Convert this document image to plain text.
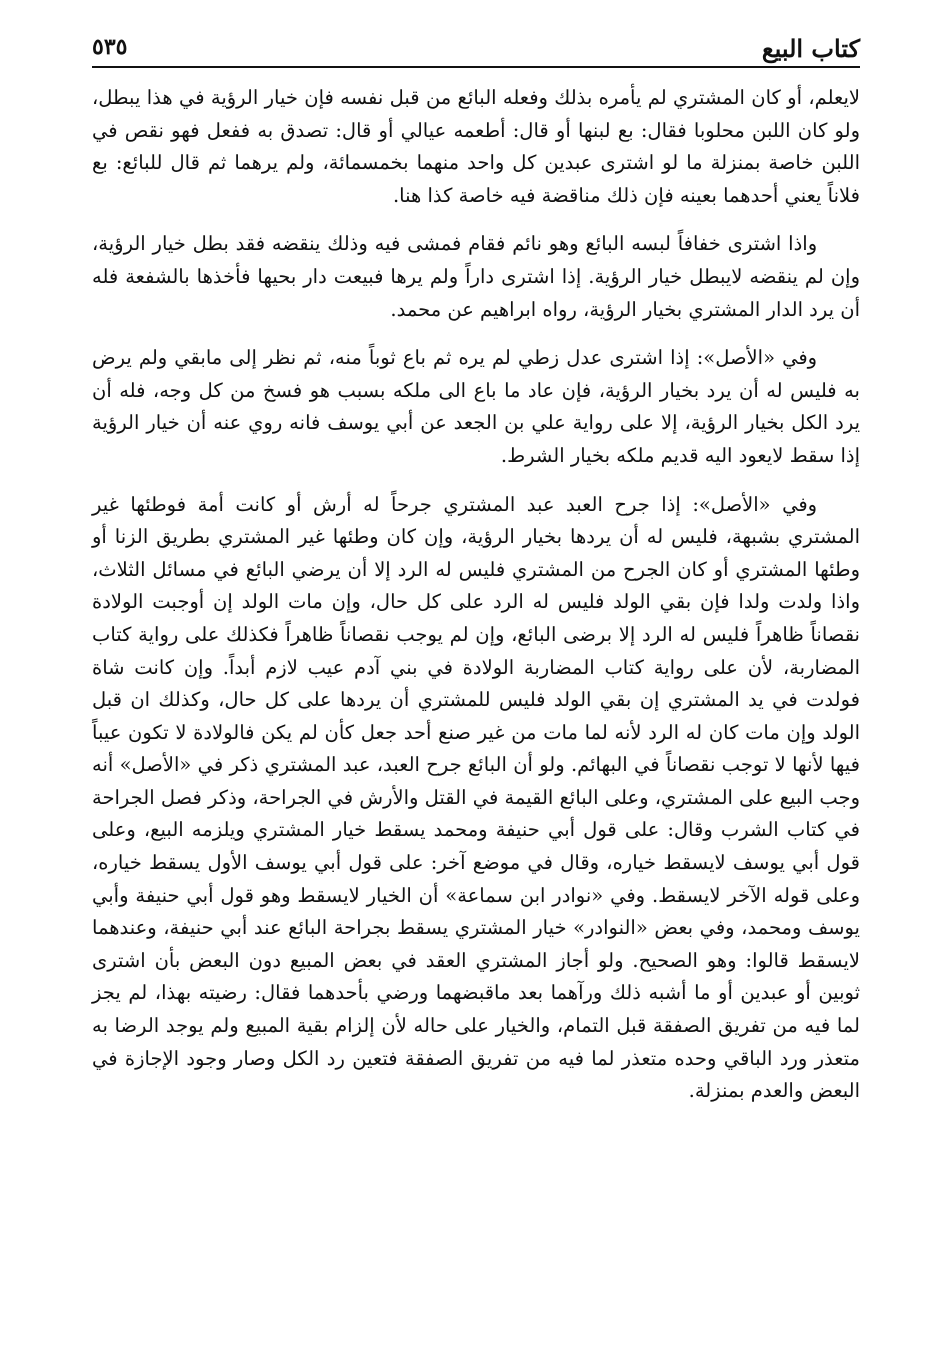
كتاب البيع
٥٣٥

لايعلم، أو كان المشتري لم يأمره بذلك وفعله البائع من قبل نفسه فإن خيار الرؤية في هذا يبطل، ولو كان اللبن محلوبا فقال: بع لبنها أو قال: أطعمه عيالي أو قال: تصدق به ففعل فهو نقص في اللبن خاصة بمنزلة ما لو اشترى عبدين كل واحد منهما بخمسمائة، ولم يرهما ثم قال للبائع: بع فلاناً يعني أحدهما بعينه فإن ذلك مناقضة فيه خاصة كذا هنا.

واذا اشترى خفافاً لبسه البائع وهو نائم فقام فمشى فيه وذلك ينقضه فقد بطل خيار الرؤية، وإن لم ينقضه لايبطل خيار الرؤية. إذا اشترى داراً ولم يرها فبيعت دار بحيها فأخذها بالشفعة فله أن يرد الدار المشتري بخيار الرؤية، رواه ابراهيم عن محمد.

وفي «الأصل»: إذا اشترى عدل زطي لم يره ثم باع ثوباً منه، ثم نظر إلى مابقي ولم يرض به فليس له أن يرد بخيار الرؤية، فإن عاد ما باع الى ملكه بسبب هو فسخ من كل وجه، فله أن يرد الكل بخيار الرؤية، إلا على رواية علي بن الجعد عن أبي يوسف فانه روي عنه أن خيار الرؤية إذا سقط لايعود اليه قديم ملكه بخيار الشرط.

وفي «الأصل»: إذا جرح العبد عبد المشتري جرحاً له أرش أو كانت أمة فوطئها غير المشتري بشبهة، فليس له أن يردها بخيار الرؤية، وإن كان وطئها غير المشتري بطريق الزنا أو وطئها المشتري أو كان الجرح من المشتري فليس له الرد إلا أن يرضي البائع في مسائل الثلاث، واذا ولدت ولدا فإن بقي الولد فليس له الرد على كل حال، وإن مات الولد إن أوجبت الولادة نقصاناً ظاهراً فليس له الرد إلا برضى البائع، وإن لم يوجب نقصاناً ظاهراً فكذلك على رواية كتاب المضاربة، لأن على رواية كتاب المضاربة الولادة في بني آدم عيب لازم أبداً. وإن كانت شاة فولدت في يد المشتري إن بقي الولد فليس للمشتري أن يردها على كل حال، وكذلك ان قبل الولد وإن مات كان له الرد لأنه لما مات من غير صنع أحد جعل كأن لم يكن فالولادة لا تكون عيباً فيها لأنها لا توجب نقصاناً في البهائم. ولو أن البائع جرح العبد، عبد المشتري ذكر في «الأصل» أنه وجب البيع على المشتري، وعلى البائع القيمة في القتل والأرش في الجراحة، وذكر فصل الجراحة في كتاب الشرب وقال: على قول أبي حنيفة ومحمد يسقط خيار المشتري ويلزمه البيع، وعلى قول أبي يوسف لايسقط خياره، وقال في موضع آخر: على قول أبي يوسف الأول يسقط خياره، وعلى قوله الآخر لايسقط. وفي «نوادر ابن سماعة» أن الخيار لايسقط وهو قول أبي حنيفة وأبي يوسف ومحمد، وفي بعض «النوادر» خيار المشتري يسقط بجراحة البائع عند أبي حنيفة، وعندهما لايسقط قالوا: وهو الصحيح. ولو أجاز المشتري العقد في بعض المبيع دون البعض بأن اشترى ثوبين أو عبدين أو ما أشبه ذلك ورآهما بعد ماقبضهما ورضي بأحدهما فقال: رضيته بهذا، لم يجز لما فيه من تفريق الصفقة قبل التمام، والخيار على حاله لأن إلزام بقية المبيع ولم يوجد الرضا به متعذر ورد الباقي وحده متعذر لما فيه من تفريق الصفقة فتعين رد الكل وصار وجود الإجازة في البعض والعدم بمنزلة.
